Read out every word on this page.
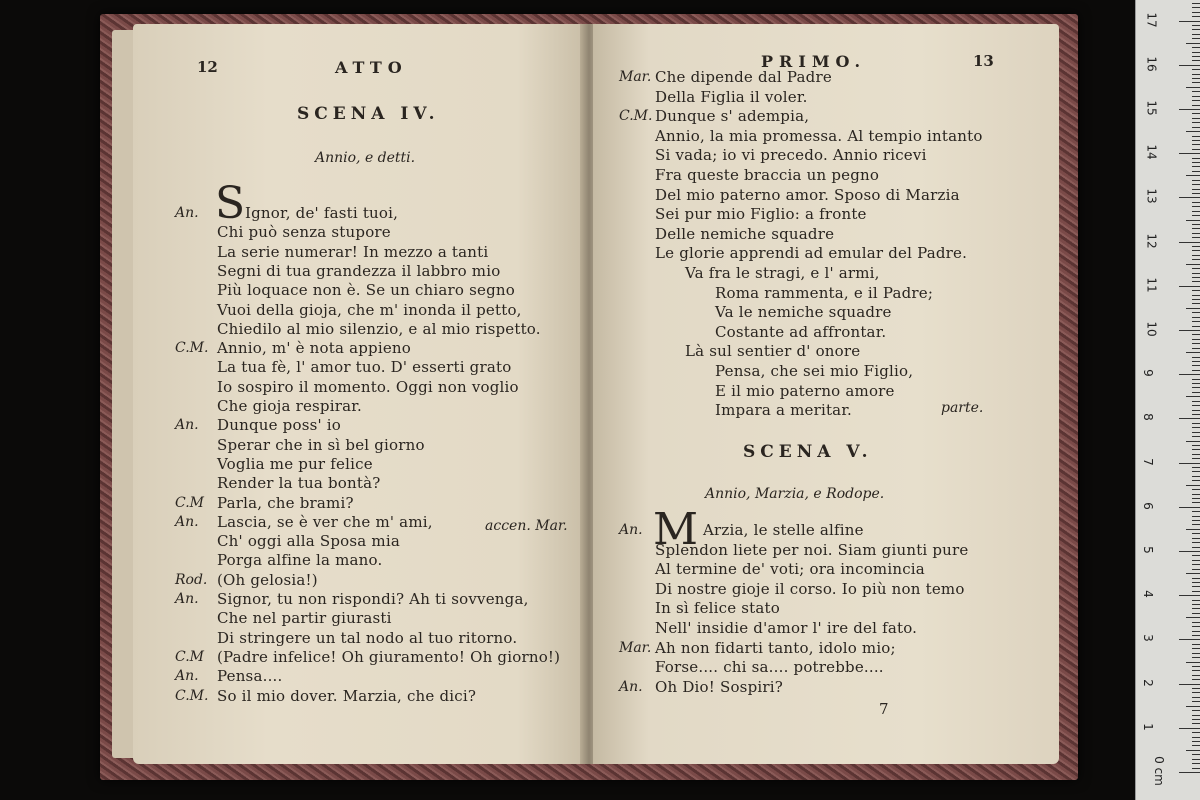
12	ATTO
SCENA IV.
Annio, e detti.
S
An.	Ignor, de' fasti tuoi,
Chi può senza stupore
La serie numerar! In mezzo a tanti
Segni di tua grandezza il labbro mio
Più loquace non è. Se un chiaro segno
Vuoi della gioja, che m' inonda il petto,
Chiedilo al mio silenzio, e al mio rispetto.
C.M. Annio, m' è nota appieno
La tua fè, l' amor tuo. D' esserti grato
Io sospiro il momento. Oggi non voglio
Che gioja respirar.
An. Dunque poss' io
Sperar che in sì bel giorno
Voglia me pur felice
Render la tua bontà?
C.M Parla, che brami?
An. Lascia, se è ver che m' ami,
Ch' oggi alla Sposa mia
Porga alfine la mano.
Rod. (Oh gelosia!)
An. Signor, tu non rispondi? Ah ti sovvenga,
Che nel partir giurasti
Di stringere un tal nodo al tuo ritorno.
C.M (Padre infelice! Oh giuramento! Oh giorno!)
An. Pensa....
C.M. So il mio dover. Marzia, che dici?
accen. Mar.
PRIMO.	13
Mar. Che dipende dal Padre
Della Figlia il voler.
C.M. Dunque s' adempia,
Annio, la mia promessa. Al tempio intanto
Si vada; io vi precedo. Annio ricevi
Fra queste braccia un pegno
Del mio paterno amor. Sposo di Marzia
Sei pur mio Figlio: a fronte
Delle nemiche squadre
Le glorie apprendi ad emular del Padre.
Va fra le stragi, e l' armi,
Roma rammenta, e il Padre;
Va le nemiche squadre
Costante ad affrontar.
Là sul sentier d' onore
Pensa, che sei mio Figlio,
E il mio paterno amore
Impara a meritar.	parte.
SCENA V.
Annio, Marzia, e Rodope.
M
An.	Arzia, le stelle alfine
Splendon liete per noi. Siam giunti pure
Al termine de' voti; ora incomincia
Di nostre gioje il corso. Io più non temo
In sì felice stato
Nell' insidie d'amor l' ire del fato.
Mar. Ah non fidarti tanto, idolo mio;
Forse.... chi sa.... potrebbe....
An. Oh Dio! Sospiri?
7
0 cm
1
2
3
4
5
6
7
8
9
10
11
12
13
14
15
16
17
